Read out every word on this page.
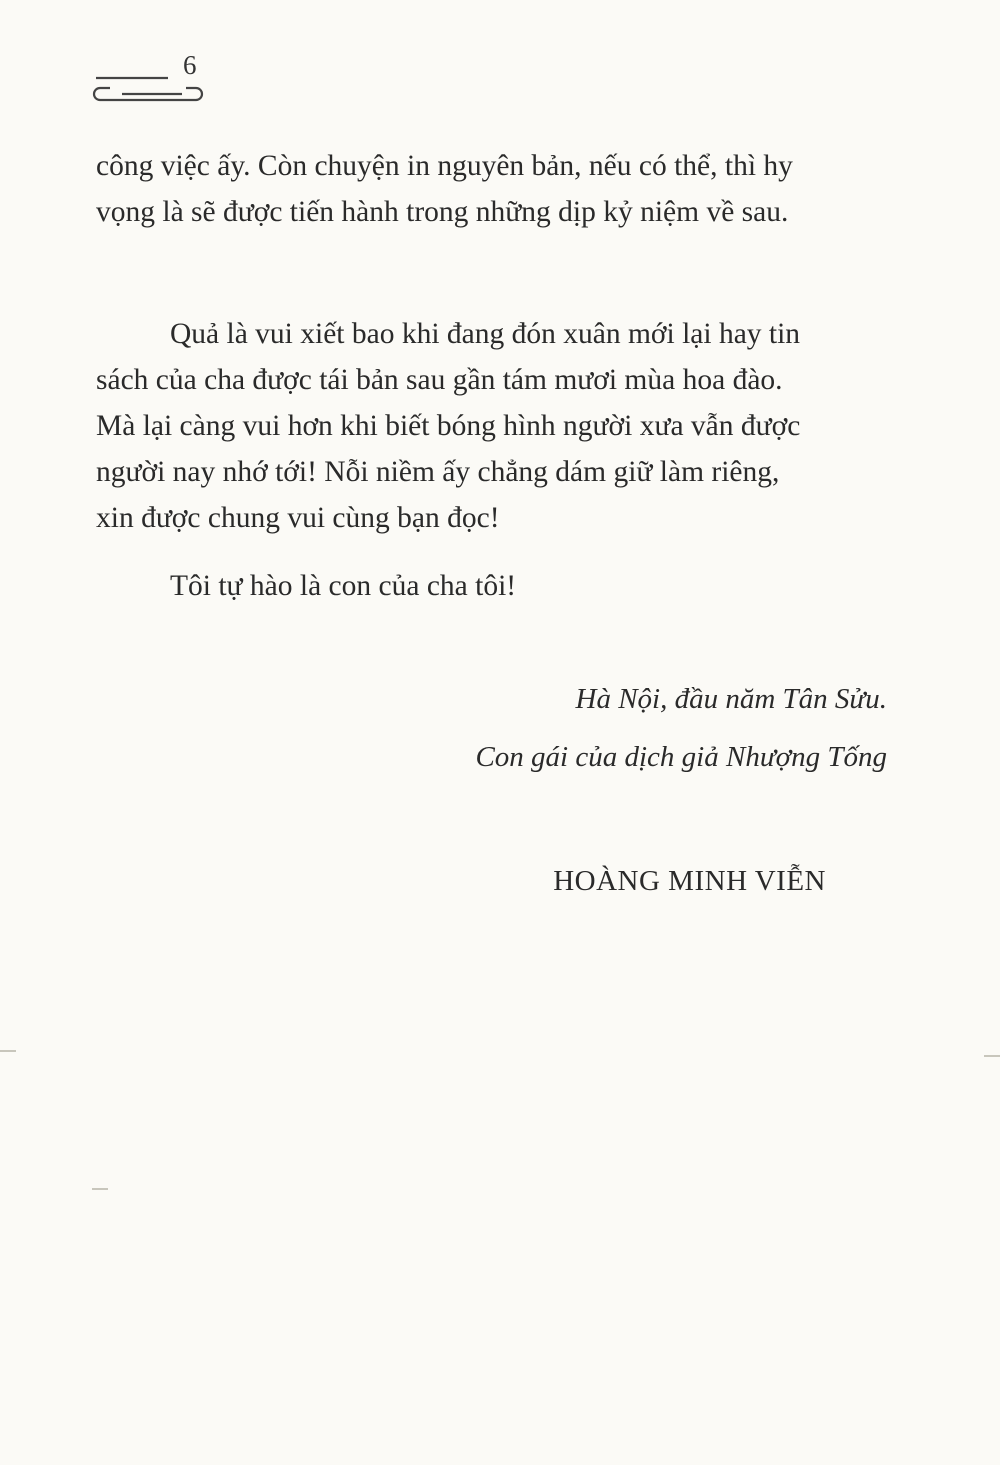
6

công việc ấy. Còn chuyện in nguyên bản, nếu có thể, thì hy
vọng là sẽ được tiến hành trong những dịp kỷ niệm về sau.

Quả là vui xiết bao khi đang đón xuân mới lại hay tin
sách của cha được tái bản sau gần tám mươi mùa hoa đào.
Mà lại càng vui hơn khi biết bóng hình người xưa vẫn được
người nay nhớ tới! Nỗi niềm ấy chẳng dám giữ làm riêng,
xin được chung vui cùng bạn đọc!

Tôi tự hào là con của cha tôi!

Hà Nội, đầu năm Tân Sửu.
Con gái của dịch giả Nhượng Tống
HOÀNG MINH VIỄN
